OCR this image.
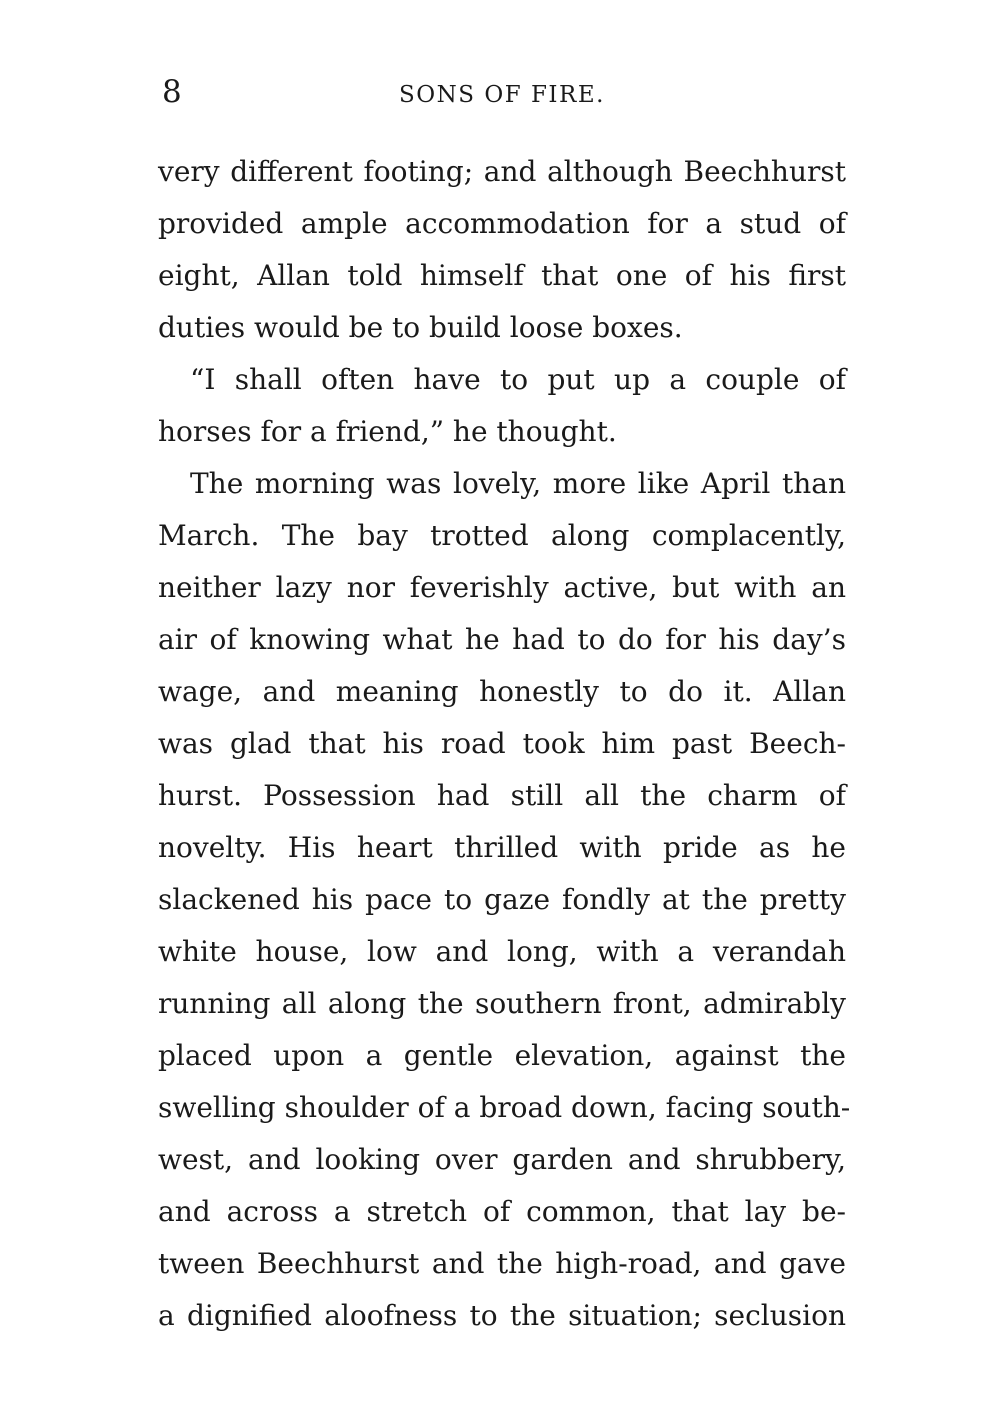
8	SONS OF FIRE.
very different footing; and although Beechhurst
provided ample accommodation for a stud of
eight, Allan told himself that one of his first
duties would be to build loose boxes.
“I shall often have to put up a couple of
horses for a friend,” he thought.
The morning was lovely, more like April than
March. The bay trotted along complacently,
neither lazy nor feverishly active, but with an
air of knowing what he had to do for his day’s
wage, and meaning honestly to do it. Allan
was glad that his road took him past Beech-
hurst. Possession had still all the charm of
novelty. His heart thrilled with pride as he
slackened his pace to gaze fondly at the pretty
white house, low and long, with a verandah
running all along the southern front, admirably
placed upon a gentle elevation, against the
swelling shoulder of a broad down, facing south-
west, and looking over garden and shrubbery,
and across a stretch of common, that lay be-
tween Beechhurst and the high-road, and gave
a dignified aloofness to the situation; seclusion
